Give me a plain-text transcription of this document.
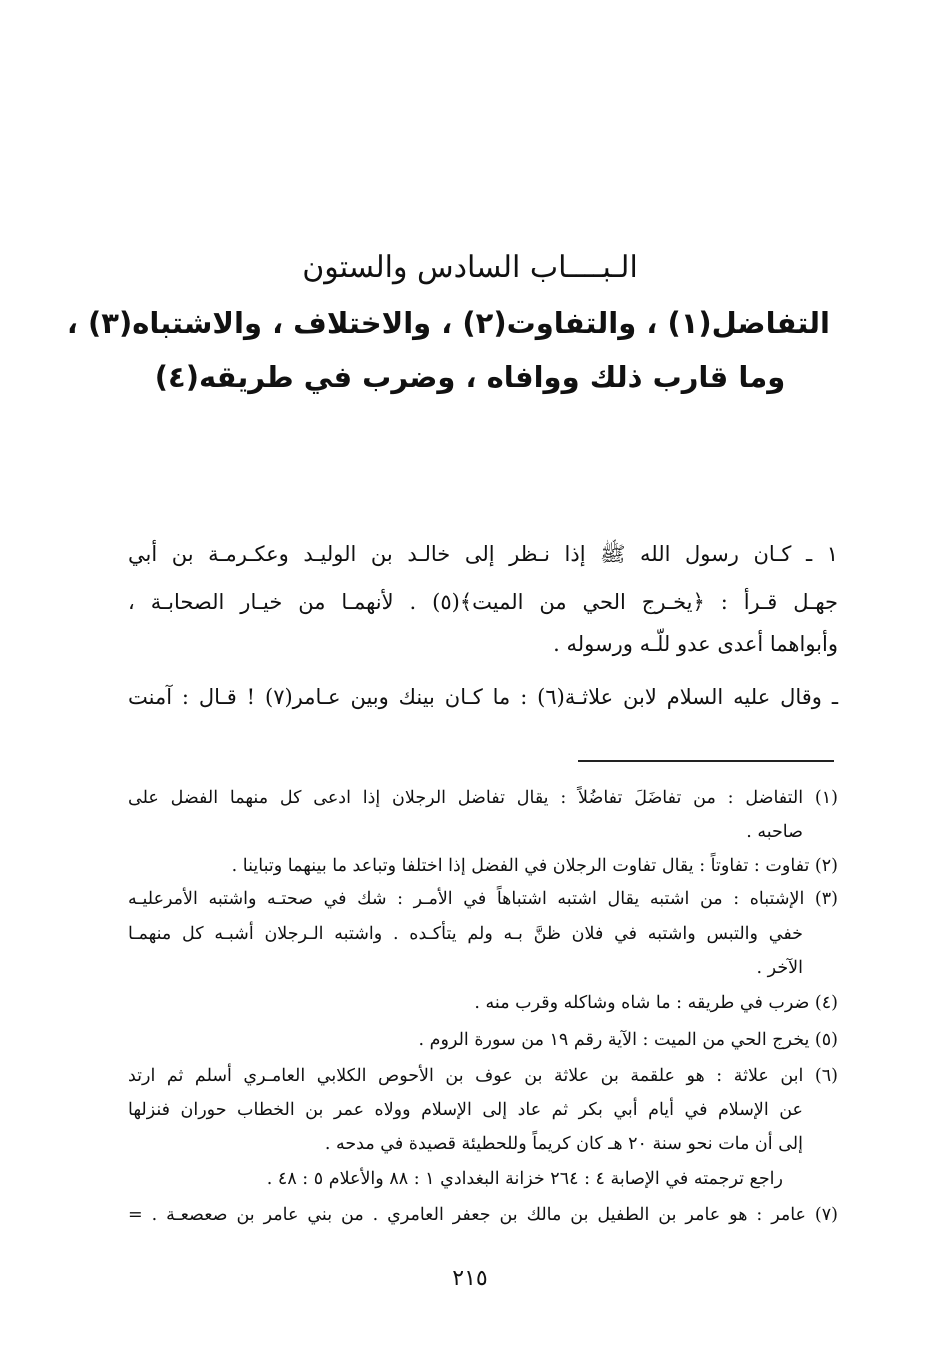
الـبــــاب السادس والستون
التفاضل(١) ، والتفاوت(٢) ، والاختلاف ، والاشتباه(٣) ،
وما قارب ذلك ووافاه ، وضرب في طريقه(٤)
١ ـ كـان رسول الله ﷺ إذا نـظر إلى خالـد بن الوليـد وعكـرمـة بن أبي
جهـل قـرأ : ﴿يخـرج الحي من الميت﴾(٥) . لأنهمـا من خيـار الصحابـة ،
وأبواهما أعدى عدو للّـه ورسوله .
ـ وقال عليه السلام لابن علاثـة(٦) : ما كـان بينك وبين عـامر(٧) ! قـال : آمنت
(١) التفاضل : من تفاضَلَ تفاضُلاً : يقال تفاضل الرجلان إذا ادعى كل منهما الفضل على
صاحبه .
(٢) تفاوت : تفاوتاً : يقال تفاوت الرجلان في الفضل إذا اختلفا وتباعد ما بينهما وتباينا .
(٣) الإشتباه : من اشتبه يقال اشتبه اشتباهاً في الأمـر : شك في صحتـه واشتبه الأمرعليـه
خفي والتبس واشتبه في فلان ظنَّ بـه ولم يتأكـده . واشتبه الـرجلان أشبـه كل منهمـا
الآخر .
(٤) ضرب في طريقه : ما شاه وشاكله وقرب منه .
(٥) يخرج الحي من الميت : الآية رقم ١٩ من سورة الروم .
(٦) ابن علاثة : هو علقمة بن علاثة بن عوف بن الأحوص الكلابي العامـري أسلم ثم ارتد
عن الإسلام في أيام أبي بكر ثم عاد إلى الإسلام وولاه عمر بن الخطاب حوران فنزلها
إلى أن مات نحو سنة ٢٠ هـ كان كريماً وللحطيئة قصيدة في مدحه .
راجع ترجمته في الإصابة ٤ : ٢٦٤ خزانة البغدادي ١ : ٨٨ والأعلام ٥ : ٤٨ .
(٧) عامر : هو عامر بن الطفيل بن مالك بن جعفر العامري . من بني عامر بن صعصعـة . =
٢١٥
